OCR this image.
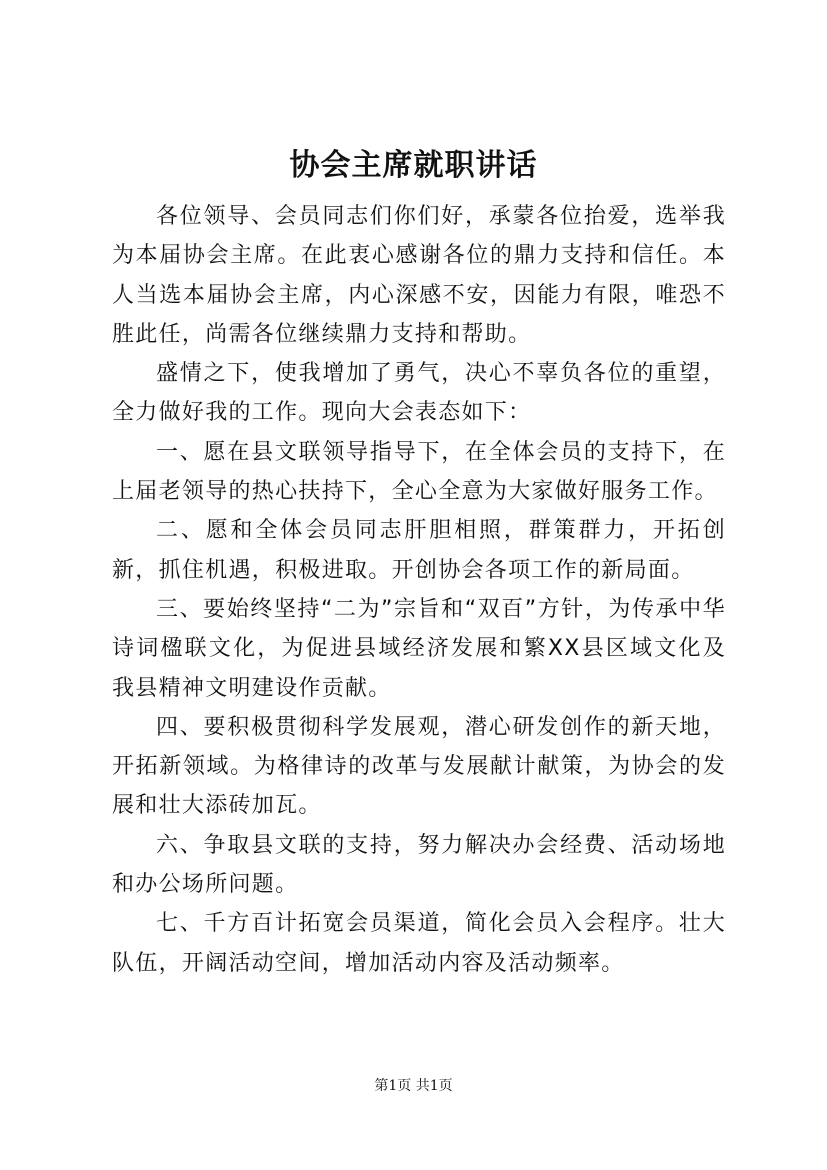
协会主席就职讲话

各位领导、会员同志们你们好，承蒙各位抬爱，选举我为本届协会主席。在此衷心感谢各位的鼎力支持和信任。本人当选本届协会主席，内心深感不安，因能力有限，唯恐不胜此任，尚需各位继续鼎力支持和帮助。

盛情之下，使我增加了勇气，决心不辜负各位的重望，全力做好我的工作。现向大会表态如下：

一、愿在县文联领导指导下，在全体会员的支持下，在上届老领导的热心扶持下，全心全意为大家做好服务工作。

二、愿和全体会员同志肝胆相照，群策群力，开拓创新，抓住机遇，积极进取。开创协会各项工作的新局面。

三、要始终坚持“二为”宗旨和“双百”方针，为传承中华诗词楹联文化，为促进县域经济发展和繁XX县区域文化及我县精神文明建设作贡献。

四、要积极贯彻科学发展观，潜心研发创作的新天地，开拓新领域。为格律诗的改革与发展献计献策，为协会的发展和壮大添砖加瓦。

六、争取县文联的支持，努力解决办会经费、活动场地和办公场所问题。

七、千方百计拓宽会员渠道，简化会员入会程序。壮大队伍，开阔活动空间，增加活动内容及活动频率。

第1页 共1页
